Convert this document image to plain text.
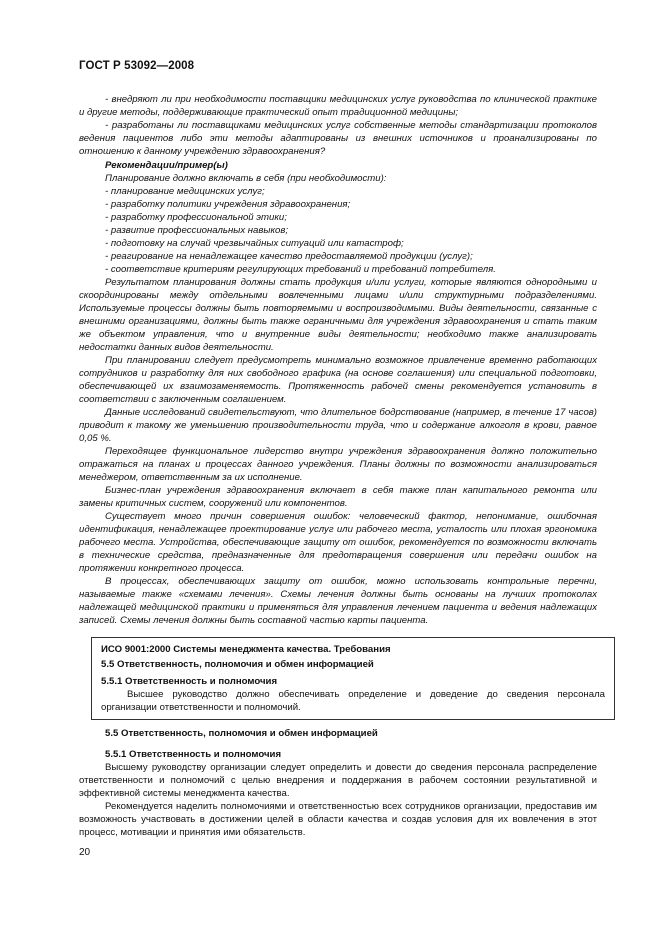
ГОСТ Р 53092—2008

- внедряют ли при необходимости поставщики медицинских услуг руководства по клинической практике и другие методы, поддерживающие практический опыт традиционной медицины;

- разработаны ли поставщиками медицинских услуг собственные методы стандартизации протоколов ведения пациентов либо эти методы адаптированы из внешних источников и проанализированы по отношению к данному учреждению здравоохранения?

Рекомендации/пример(ы)

Планирование должно включать в себя (при необходимости):

- планирование медицинских услуг;

- разработку политики учреждения здравоохранения;

- разработку профессиональной этики;

- развитие профессиональных навыков;

- подготовку на случай чрезвычайных ситуаций или катастроф;

- реагирование на ненадлежащее качество предоставляемой продукции (услуг);

- соответствие критериям регулирующих требований и требований потребителя.

Результатом планирования должны стать продукция и/или услуги, которые являются однородными и скоординированы между отдельными вовлеченными лицами и/или структурными подразделениями. Используемые процессы должны быть повторяемыми и воспроизводимыми. Виды деятельности, связанные с внешними организациями, должны быть также ограничными для учреждения здравоохранения и стать таким же объектом управления, что и внутренние виды деятельности; необходимо также анализировать недостатки данных видов деятельности.

При планировании следует предусмотреть минимально возможное привлечение временно работающих сотрудников и разработку для них свободного графика (на основе соглашения) или специальной подготовки, обеспечивающей их взаимозаменяемость. Протяженность рабочей смены рекомендуется установить в соответствии с заключенным соглашением.

Данные исследований свидетельствуют, что длительное бодрствование (например, в течение 17 часов) приводит к такому же уменьшению производительности труда, что и содержание алкоголя в крови, равное 0,05 %.

Переходящее функциональное лидерство внутри учреждения здравоохранения должно положительно отражаться на планах и процессах данного учреждения. Планы должны по возможности анализироваться менеджером, ответственным за их исполнение.

Бизнес-план учреждения здравоохранения включает в себя также план капитального ремонта или замены критичных систем, сооружений или компонентов.

Существует много причин совершения ошибок: человеческий фактор, непонимание, ошибочная идентификация, ненадлежащее проектирование услуг или рабочего места, усталость или плохая эргономика рабочего места. Устройства, обеспечивающие защиту от ошибок, рекомендуется по возможности включать в технические средства, предназначенные для предотвращения совершения или передачи ошибок на протяжении конкретного процесса.

В процессах, обеспечивающих защиту от ошибок, можно использовать контрольные перечни, называемые также «схемами лечения». Схемы лечения должны быть основаны на лучших протоколах надлежащей медицинской практики и применяться для управления лечением пациента и ведения надлежащих записей. Схемы лечения должны быть составной частью карты пациента.

ИСО 9001:2000 Системы менеджмента качества. Требования

5.5 Ответственность, полномочия и обмен информацией

5.5.1 Ответственность и полномочия

Высшее руководство должно обеспечивать определение и доведение до сведения персонала организации ответственности и полномочий.

5.5 Ответственность, полномочия и обмен информацией

5.5.1 Ответственность и полномочия

Высшему руководству организации следует определить и довести до сведения персонала распределение ответственности и полномочий с целью внедрения и поддержания в рабочем состоянии результативной и эффективной системы менеджмента качества.

Рекомендуется наделить полномочиями и ответственностью всех сотрудников организации, предоставив им возможность участвовать в достижении целей в области качества и создав условия для их вовлечения в этот процесс, мотивации и принятия ими обязательств.

20
